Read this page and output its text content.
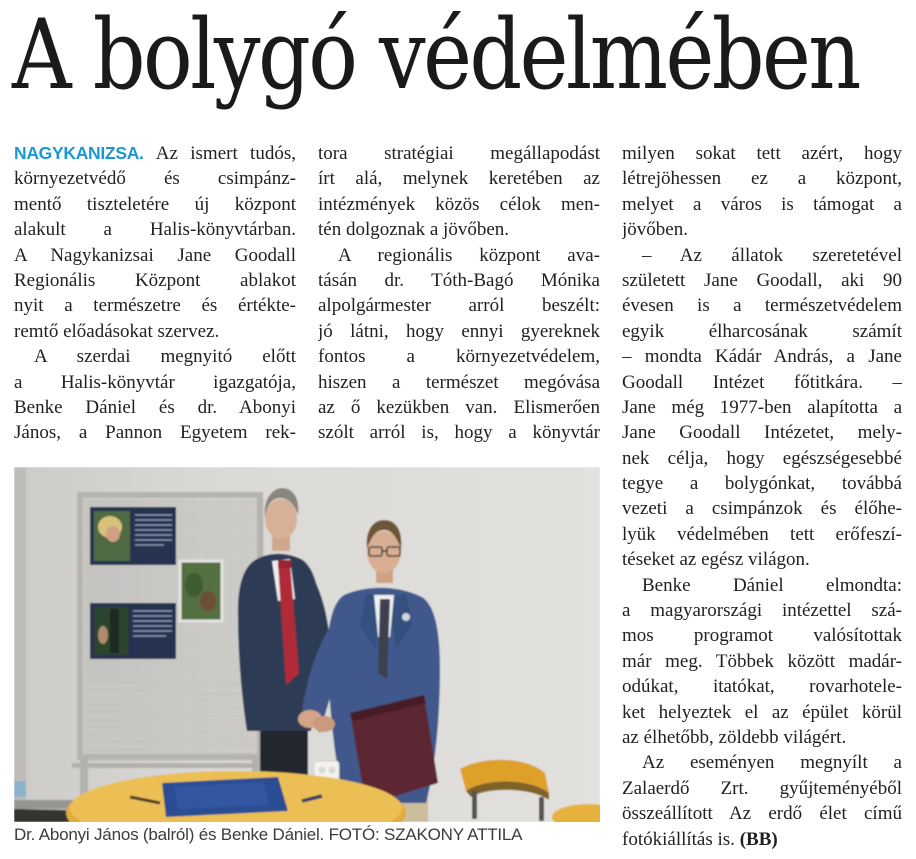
A bolygó védelmében
NAGYKANIZSA. Az ismert tudós,
környezetvédő és csimpánz-
mentő tiszteletére új központ
alakult a Halis-könyvtárban.
A Nagykanizsai Jane Goodall
Regionális Központ ablakot
nyit a természetre és értékte-
remtő előadásokat szervez.
A szerdai megnyitó előtt
a Halis-könyvtár igazgatója,
Benke Dániel és dr. Abonyi
János, a Pannon Egyetem rek-
tora stratégiai megállapodást
írt alá, melynek keretében az
intézmények közös célok men-
tén dolgoznak a jövőben.
A regionális központ ava-
tásán dr. Tóth-Bagó Mónika
alpolgármester arról beszélt:
jó látni, hogy ennyi gyereknek
fontos a környezetvédelem,
hiszen a természet megóvása
az ő kezükben van. Elismerően
szólt arról is, hogy a könyvtár
milyen sokat tett azért, hogy
létrejöhessen ez a központ,
melyet a város is támogat a
jövőben.
– Az állatok szeretetével
született Jane Goodall, aki 90
évesen is a természetvédelem
egyik élharcosának számít
– mondta Kádár András, a Jane
Goodall Intézet főtitkára. –
Jane még 1977-ben alapította a
Jane Goodall Intézetet, mely-
nek célja, hogy egészségesebbé
tegye a bolygónkat, továbbá
vezeti a csimpánzok és élőhe-
lyük védelmében tett erőfeszí-
téseket az egész világon.
Benke Dániel elmondta:
a magyarországi intézettel szá-
mos programot valósítottak
már meg. Többek között madár-
odúkat, itatókat, rovarhotele-
ket helyeztek el az épület körül
az élhetőbb, zöldebb világért.
Az eseményen megnyílt a
Zalaerdő Zrt. gyűjteményéből
összeállított Az erdő élet című
fotókiállítás is. (BB)
Dr. Abonyi János (balról) és Benke Dániel. FOTÓ: SZAKONY ATTILA
